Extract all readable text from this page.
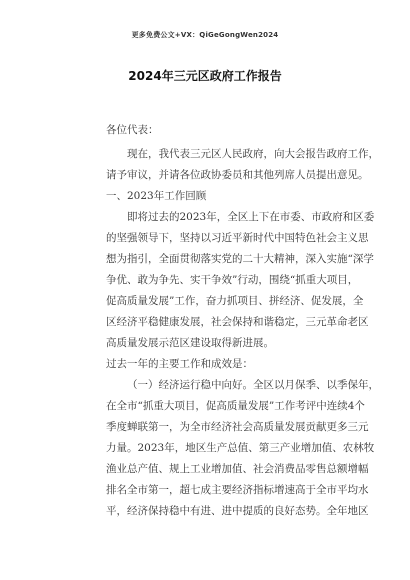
更多免费公文+VX：QiGeGongWen2024
2024年三元区政府工作报告
各位代表：
现在，我代表三元区人民政府，向大会报告政府工作，
请予审议，并请各位政协委员和其他列席人员提出意见。
一、2023年工作回顾
即将过去的2023年，全区上下在市委、市政府和区委
的坚强领导下，坚持以习近平新时代中国特色社会主义思
想为指引，全面贯彻落实党的二十大精神，深入实施“深学
争优、敢为争先、实干争效”行动，围绕“抓重大项目，
促高质量发展”工作，奋力抓项目、拼经济、促发展，全
区经济平稳健康发展，社会保持和谐稳定，三元革命老区
高质量发展示范区建设取得新进展。
过去一年的主要工作和成效是：
（一）经济运行稳中向好。全区以月保季、以季保年，
在全市“抓重大项目，促高质量发展”工作考评中连续4个
季度蝉联第一，为全市经济社会高质量发展贡献更多三元
力量。2023年，地区生产总值、第三产业增加值、农林牧
渔业总产值、规上工业增加值、社会消费品零售总额增幅
排名全市第一，超七成主要经济指标增速高于全市平均水
平，经济保持稳中有进、进中提质的良好态势。全年地区
